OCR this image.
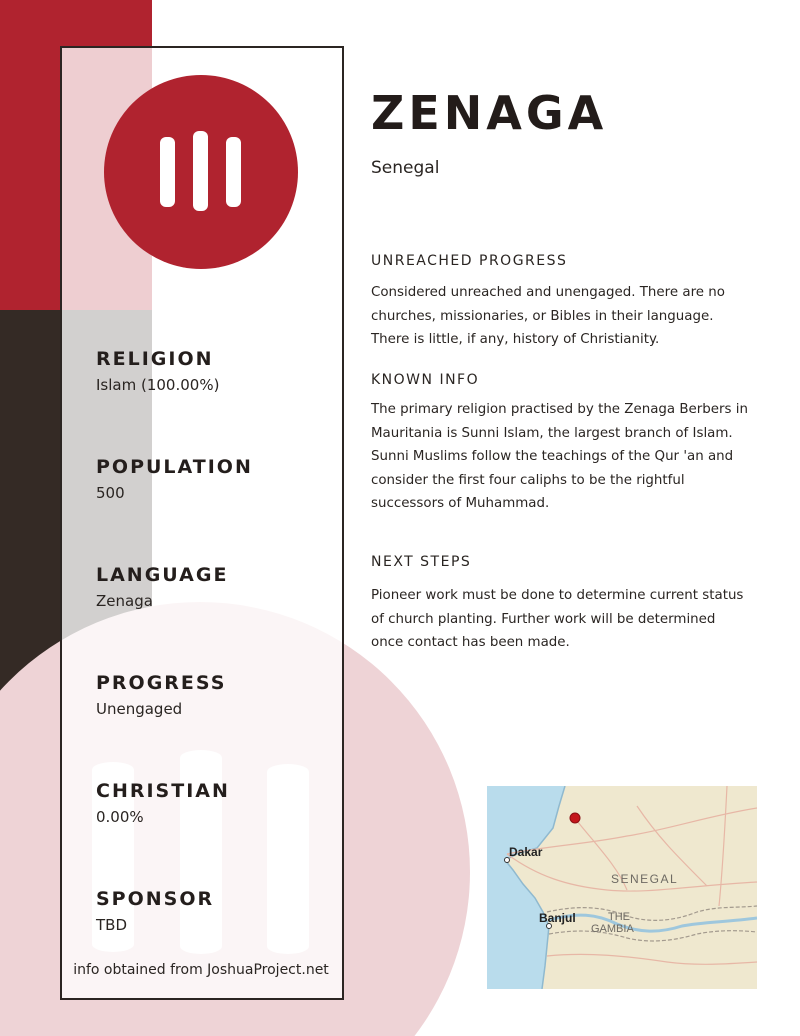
RELIGION
Islam (100.00%)
POPULATION
500
LANGUAGE
Zenaga
PROGRESS
Unengaged
CHRISTIAN
0.00%
SPONSOR
TBD
info obtained from JoshuaProject.net
ZENAGA
Senegal
UNREACHED PROGRESS

Considered unreached and unengaged. There are no churches, missionaries, or Bibles in their language. There is little, if any, history of Christianity.

KNOWN INFO

The primary religion practised by the Zenaga Berbers in Mauritania is Sunni Islam, the largest branch of Islam. Sunni Muslims follow the teachings of the Qur 'an and consider the first four caliphs to be the rightful successors of Muhammad.

NEXT STEPS

Pioneer work must be done to determine current status of church planting. Further work will be determined once contact has been made.

Dakar
SENEGAL
Banjul	THE
GAMBIA
